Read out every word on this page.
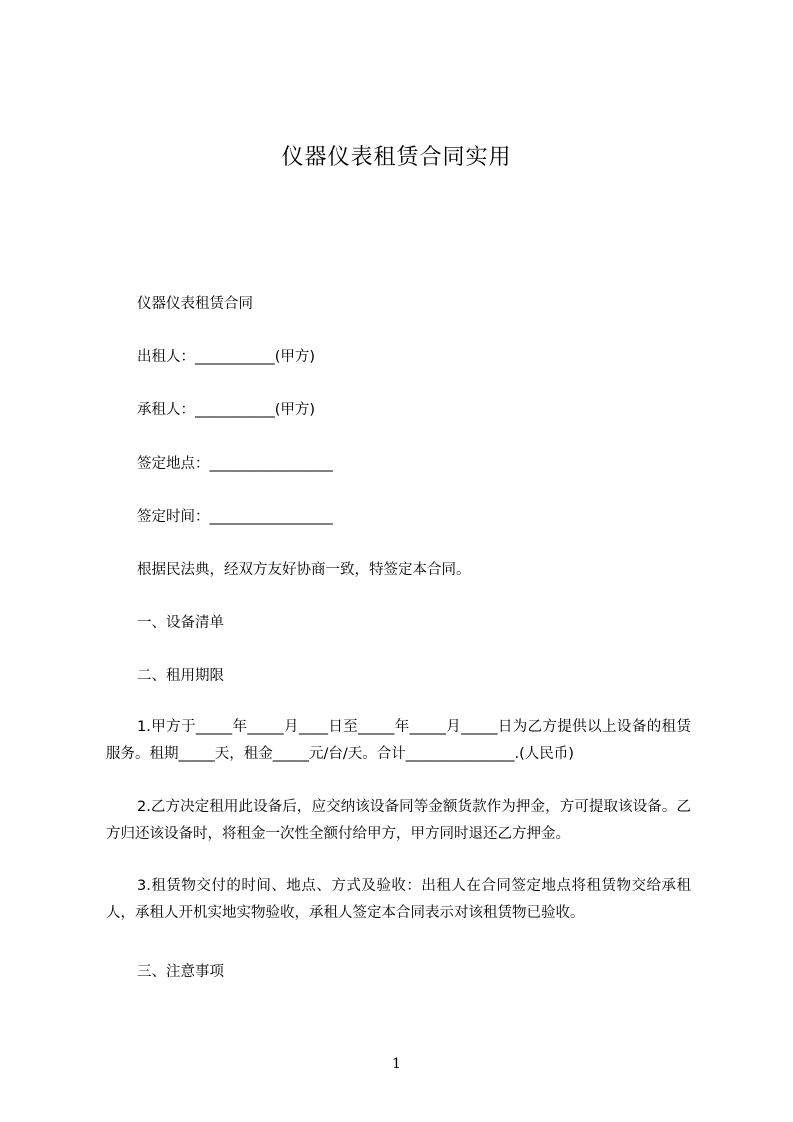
仪器仪表租赁合同实用
仪器仪表租赁合同
出租人：___________(甲方)
承租人：___________(甲方)
签定地点：_________________
签定时间：_________________
根据民法典，经双方友好协商一致，特签定本合同。
一、设备清单
二、租用期限
1.甲方于_____年_____月____日至_____年_____月_____日为乙方提供以上设备的租赁服务。租期_____天，租金_____元/台/天。合计_______________.(人民币)
2.乙方决定租用此设备后，应交纳该设备同等金额货款作为押金，方可提取该设备。乙方归还该设备时，将租金一次性全额付给甲方，甲方同时退还乙方押金。
3.租赁物交付的时间、地点、方式及验收：出租人在合同签定地点将租赁物交给承租人，承租人开机实地实物验收，承租人签定本合同表示对该租赁物已验收。
三、注意事项
1
